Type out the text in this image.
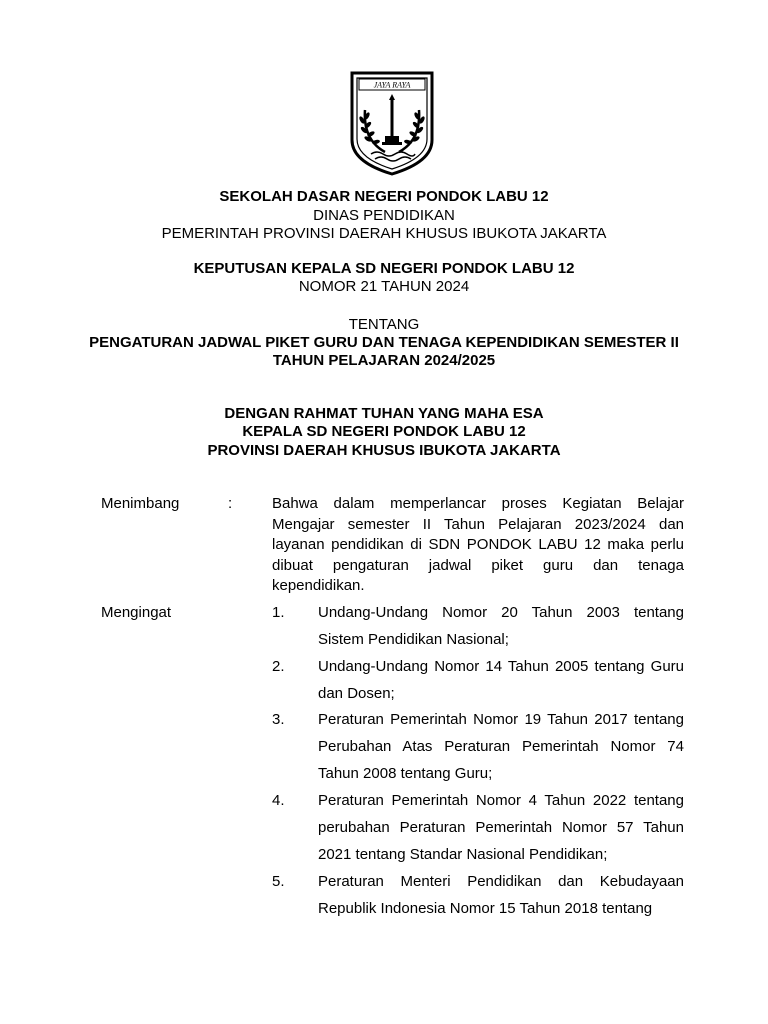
JAYA RAYA
SEKOLAH DASAR NEGERI PONDOK LABU 12
DINAS PENDIDIKAN
PEMERINTAH PROVINSI DAERAH KHUSUS IBUKOTA JAKARTA
KEPUTUSAN KEPALA SD NEGERI PONDOK LABU 12
NOMOR 21 TAHUN 2024
TENTANG
PENGATURAN JADWAL PIKET GURU DAN TENAGA KEPENDIDIKAN SEMESTER II
TAHUN PELAJARAN 2024/2025
DENGAN RAHMAT TUHAN YANG MAHA ESA
KEPALA SD NEGERI PONDOK LABU 12
PROVINSI DAERAH KHUSUS IBUKOTA JAKARTA
Menimbang	:	Bahwa dalam memperlancar proses Kegiatan Belajar Mengajar semester II Tahun Pelajaran 2023/2024 dan layanan pendidikan di SDN PONDOK LABU 12 maka perlu dibuat pengaturan jadwal piket guru dan tenaga kependidikan.
Mengingat	1. Undang-Undang Nomor 20 Tahun 2003 tentang Sistem Pendidikan Nasional;
2. Undang-Undang Nomor 14 Tahun 2005 tentang Guru dan Dosen;
3. Peraturan Pemerintah Nomor 19 Tahun 2017 tentang Perubahan Atas Peraturan Pemerintah Nomor 74 Tahun 2008 tentang Guru;
4. Peraturan Pemerintah Nomor 4 Tahun 2022 tentang perubahan Peraturan Pemerintah Nomor 57 Tahun 2021 tentang Standar Nasional Pendidikan;
5. Peraturan Menteri Pendidikan dan Kebudayaan Republik Indonesia Nomor 15 Tahun 2018 tentang
